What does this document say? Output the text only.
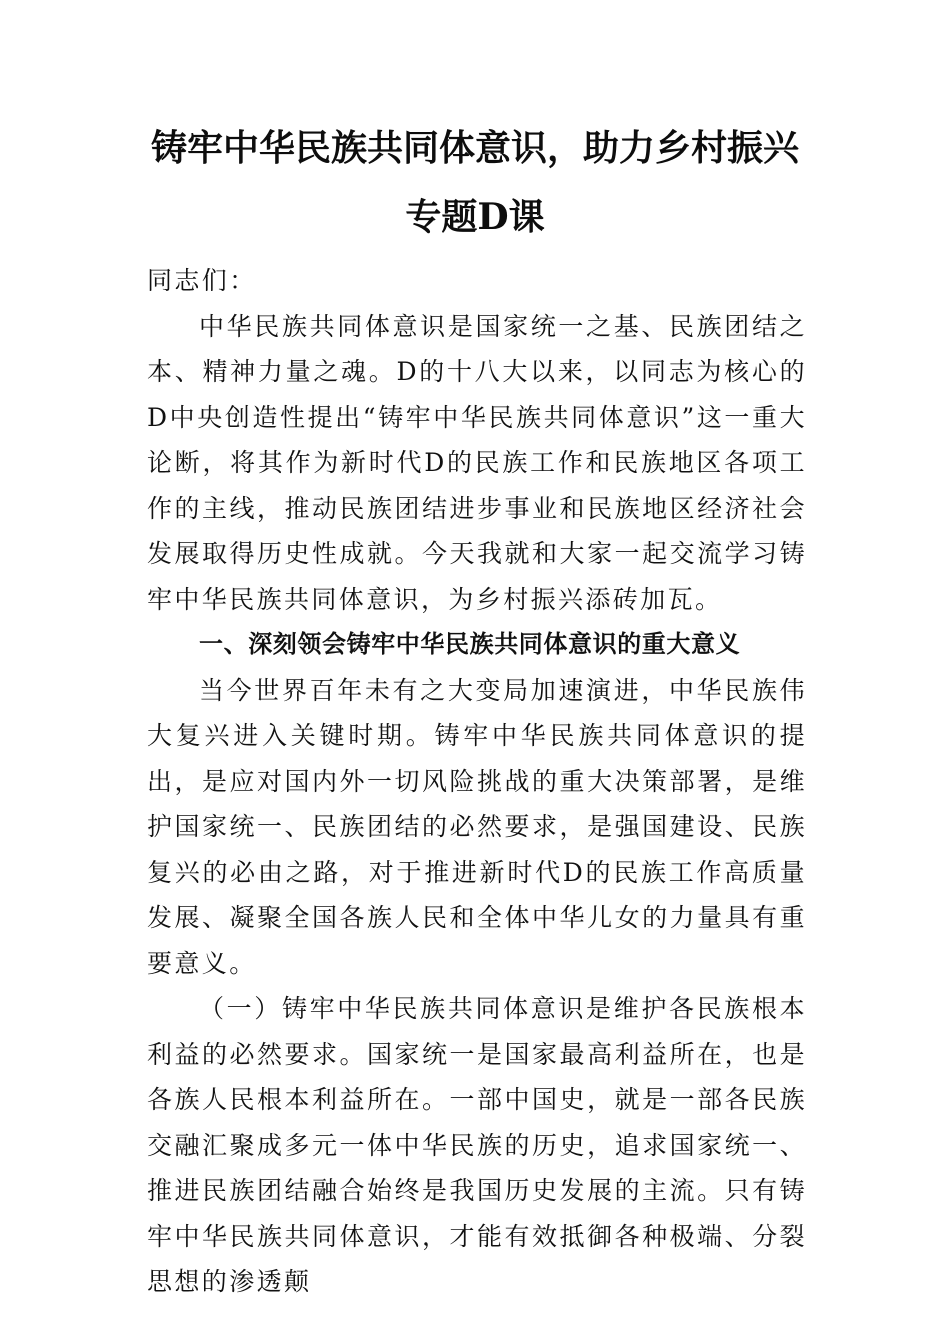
铸牢中华民族共同体意识，助力乡村振兴
专题D课

同志们：

中华民族共同体意识是国家统一之基、民族团结之本、精神力量之魂。D的十八大以来，以同志为核心的D中央创造性提出“铸牢中华民族共同体意识”这一重大论断，将其作为新时代D的民族工作和民族地区各项工作的主线，推动民族团结进步事业和民族地区经济社会发展取得历史性成就。今天我就和大家一起交流学习铸牢中华民族共同体意识，为乡村振兴添砖加瓦。

一、深刻领会铸牢中华民族共同体意识的重大意义

当今世界百年未有之大变局加速演进，中华民族伟大复兴进入关键时期。铸牢中华民族共同体意识的提出，是应对国内外一切风险挑战的重大决策部署，是维护国家统一、民族团结的必然要求，是强国建设、民族复兴的必由之路，对于推进新时代D的民族工作高质量发展、凝聚全国各族人民和全体中华儿女的力量具有重要意义。

（一）铸牢中华民族共同体意识是维护各民族根本利益的必然要求。国家统一是国家最高利益所在，也是各族人民根本利益所在。一部中国史，就是一部各民族交融汇聚成多元一体中华民族的历史，追求国家统一、推进民族团结融合始终是我国历史发展的主流。只有铸牢中华民族共同体意识，才能有效抵御各种极端、分裂思想的渗透颠
